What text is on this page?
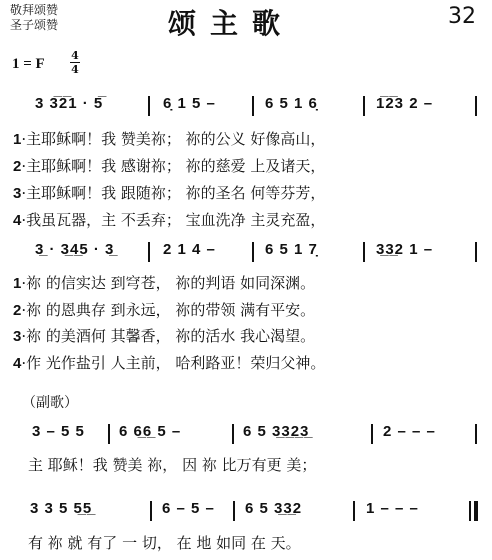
敬拜颂赞
圣子颂赞	颂主歌	32
1 = F
4
4
3 3̅2̅1 · 5̅	6̣ 1 5 –	6 5 1 6̣	1̅2̅3 2 –
1·主耶稣啊！我 赞美祢； 祢的公义 好像高山，
2·主耶稣啊！我 感谢祢； 祢的慈爱 上及诸天，
3·主耶稣啊！我 跟随祢； 祢的圣名 何等芬芳，
4·我虽瓦器，主 不丢弃； 宝血洗净 主灵充盈，
3̲ · 3̲4̲5 · 3̲	2 1 4 –	6 5 1 7̣	3̲3̲2 1 –
1·祢 的信实达 到穹苍， 祢的判语 如同深渊。
2·祢 的恩典存 到永远， 祢的带领 满有平安。
3·祢 的美酒何 其馨香， 祢的活水 我心渴望。
4·作 光作盐引 人主前， 哈利路亚！荣归父神。
（副歌）
3 – 5 5 6 6̲6̲ 5 –	6 5 3̲3̲2̲3̲	2 – – –
主 耶稣！我 赞美 祢， 因 祢 比万有更 美；
3 3 5 5̲5̲	6 – 5 – 6 5 3̲3̲2	1 – – –
有 祢 就 有了 一 切， 在 地 如同 在 天。
